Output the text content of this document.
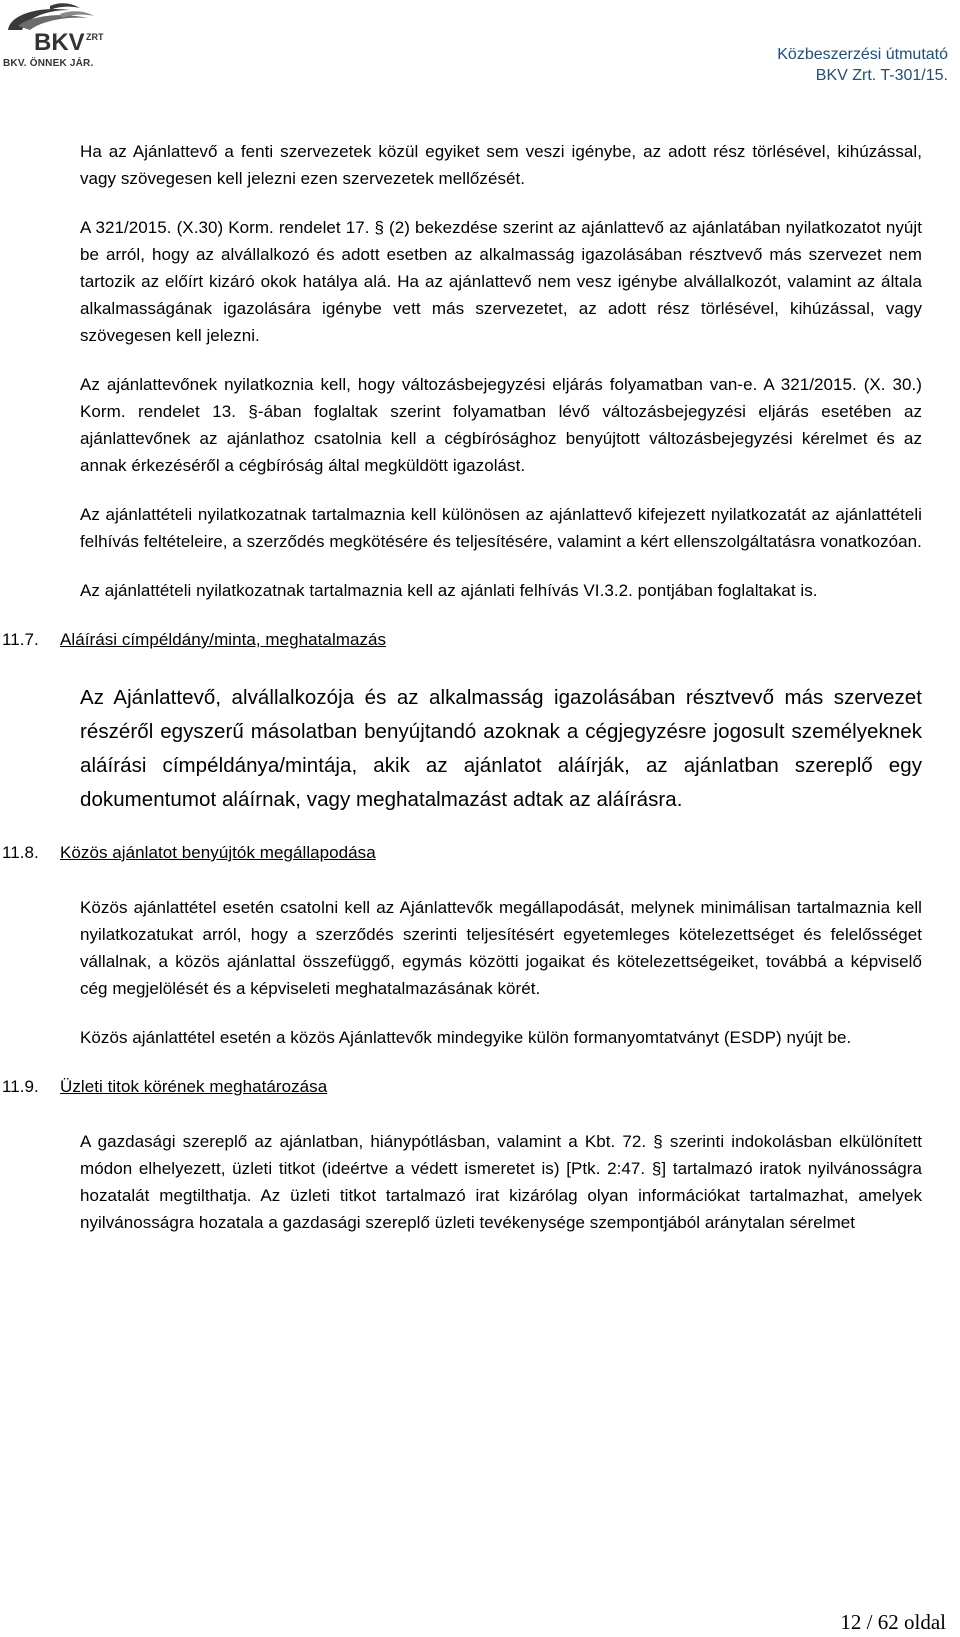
BKV ZRT
BKV. ÖNNEK JÁR.
Közbeszerzési útmutató
BKV Zrt. T-301/15.

Ha az Ajánlattevő a fenti szervezetek közül egyiket sem veszi igénybe, az adott rész törlésével, kihúzással, vagy szövegesen kell jelezni ezen szervezetek mellőzését.

A 321/2015. (X.30) Korm. rendelet 17. § (2) bekezdése szerint az ajánlattevő az ajánlatában nyilatkozatot nyújt be arról, hogy az alvállalkozó és adott esetben az alkalmasság igazolásában résztvevő más szervezet nem tartozik az előírt kizáró okok hatálya alá. Ha az ajánlattevő nem vesz igénybe alvállalkozót, valamint az általa alkalmasságának igazolására igénybe vett más szervezetet, az adott rész törlésével, kihúzással, vagy szövegesen kell jelezni.

Az ajánlattevőnek nyilatkoznia kell, hogy változásbejegyzési eljárás folyamatban van-e. A 321/2015. (X. 30.) Korm. rendelet 13. §-ában foglaltak szerint folyamatban lévő változásbejegyzési eljárás esetében az ajánlattevőnek az ajánlathoz csatolnia kell a cégbírósághoz benyújtott változásbejegyzési kérelmet és az annak érkezéséről a cégbíróság által megküldött igazolást.

Az ajánlattételi nyilatkozatnak tartalmaznia kell különösen az ajánlattevő kifejezett nyilatkozatát az ajánlattételi felhívás feltételeire, a szerződés megkötésére és teljesítésére, valamint a kért ellenszolgáltatásra vonatkozóan.

Az ajánlattételi nyilatkozatnak tartalmaznia kell az ajánlati felhívás VI.3.2. pontjában foglaltakat is.

11.7. Aláírási címpéldány/minta, meghatalmazás

Az Ajánlattevő, alvállalkozója és az alkalmasság igazolásában résztvevő más szervezet részéről egyszerű másolatban benyújtandó azoknak a cégjegyzésre jogosult személyeknek aláírási címpéldánya/mintája, akik az ajánlatot aláírják, az ajánlatban szereplő egy dokumentumot aláírnak, vagy meghatalmazást adtak az aláírásra.

11.8. Közös ajánlatot benyújtók megállapodása

Közös ajánlattétel esetén csatolni kell az Ajánlattevők megállapodását, melynek minimálisan tartalmaznia kell nyilatkozatukat arról, hogy a szerződés szerinti teljesítésért egyetemleges kötelezettséget és felelősséget vállalnak, a közös ajánlattal összefüggő, egymás közötti jogaikat és kötelezettségeiket, továbbá a képviselő cég megjelölését és a képviseleti meghatalmazásának körét.

Közös ajánlattétel esetén a közös Ajánlattevők mindegyike külön formanyomtatványt (ESDP) nyújt be.

11.9. Üzleti titok körének meghatározása

A gazdasági szereplő az ajánlatban, hiánypótlásban, valamint a Kbt. 72. § szerinti indokolásban elkülönített módon elhelyezett, üzleti titkot (ideértve a védett ismeretet is) [Ptk. 2:47. §] tartalmazó iratok nyilvánosságra hozatalát megtilthatja. Az üzleti titkot tartalmazó irat kizárólag olyan információkat tartalmazhat, amelyek nyilvánosságra hozatala a gazdasági szereplő üzleti tevékenysége szempontjából aránytalan sérelmet

12 / 62 oldal
